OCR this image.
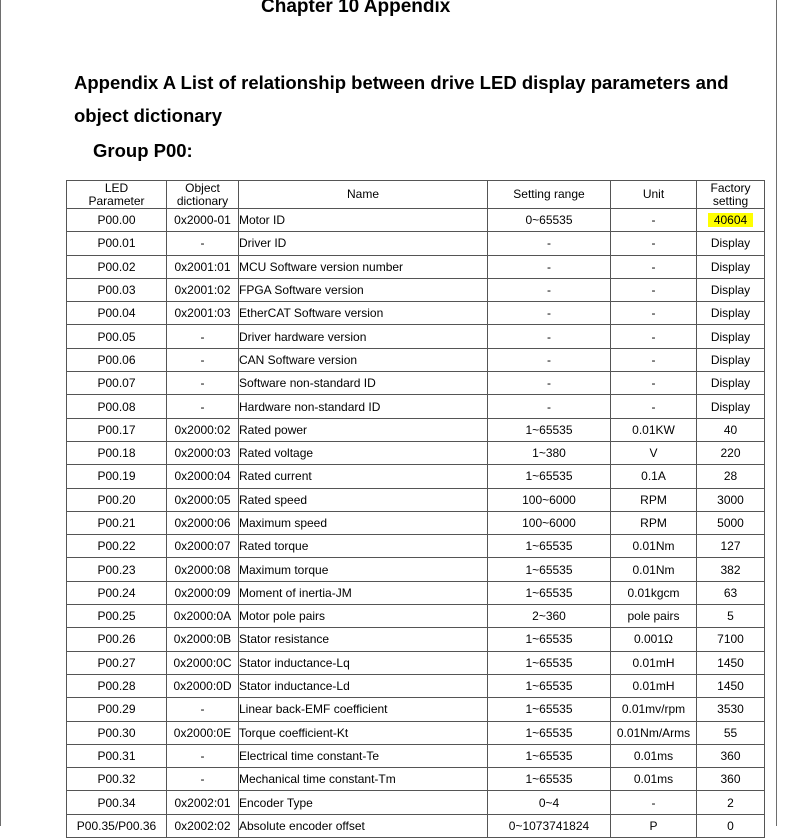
Chapter 10 Appendix
Appendix A List of relationship between drive LED display parameters and object dictionary
Group P00:
LED Parameter	Object dictionary	Name	Setting range	Unit	Factory setting
P00.00	0x2000-01	Motor ID	0~65535	-	40604
P00.01	-	Driver ID	-	-	Display
P00.02	0x2001:01	MCU Software version number	-	-	Display
P00.03	0x2001:02	FPGA Software version	-	-	Display
P00.04	0x2001:03	EtherCAT Software version	-	-	Display
P00.05	-	Driver hardware version	-	-	Display
P00.06	-	CAN Software version	-	-	Display
P00.07	-	Software non-standard ID	-	-	Display
P00.08	-	Hardware non-standard ID	-	-	Display
P00.17	0x2000:02	Rated power	1~65535	0.01KW	40
P00.18	0x2000:03	Rated voltage	1~380	V	220
P00.19	0x2000:04	Rated current	1~65535	0.1A	28
P00.20	0x2000:05	Rated speed	100~6000	RPM	3000
P00.21	0x2000:06	Maximum speed	100~6000	RPM	5000
P00.22	0x2000:07	Rated torque	1~65535	0.01Nm	127
P00.23	0x2000:08	Maximum torque	1~65535	0.01Nm	382
P00.24	0x2000:09	Moment of inertia-JM	1~65535	0.01kgcm	63
P00.25	0x2000:0A	Motor pole pairs	2~360	pole pairs	5
P00.26	0x2000:0B	Stator resistance	1~65535	0.001Ω	7100
P00.27	0x2000:0C	Stator inductance-Lq	1~65535	0.01mH	1450
P00.28	0x2000:0D	Stator inductance-Ld	1~65535	0.01mH	1450
P00.29	-	Linear back-EMF coefficient	1~65535	0.01mv/rpm	3530
P00.30	0x2000:0E	Torque coefficient-Kt	1~65535	0.01Nm/Arms	55
P00.31	-	Electrical time constant-Te	1~65535	0.01ms	360
P00.32	-	Mechanical time constant-Tm	1~65535	0.01ms	360
P00.34	0x2002:01	Encoder Type	0~4	-	2
P00.35/P00.36	0x2002:02	Absolute encoder offset	0~1073741824	P	0
